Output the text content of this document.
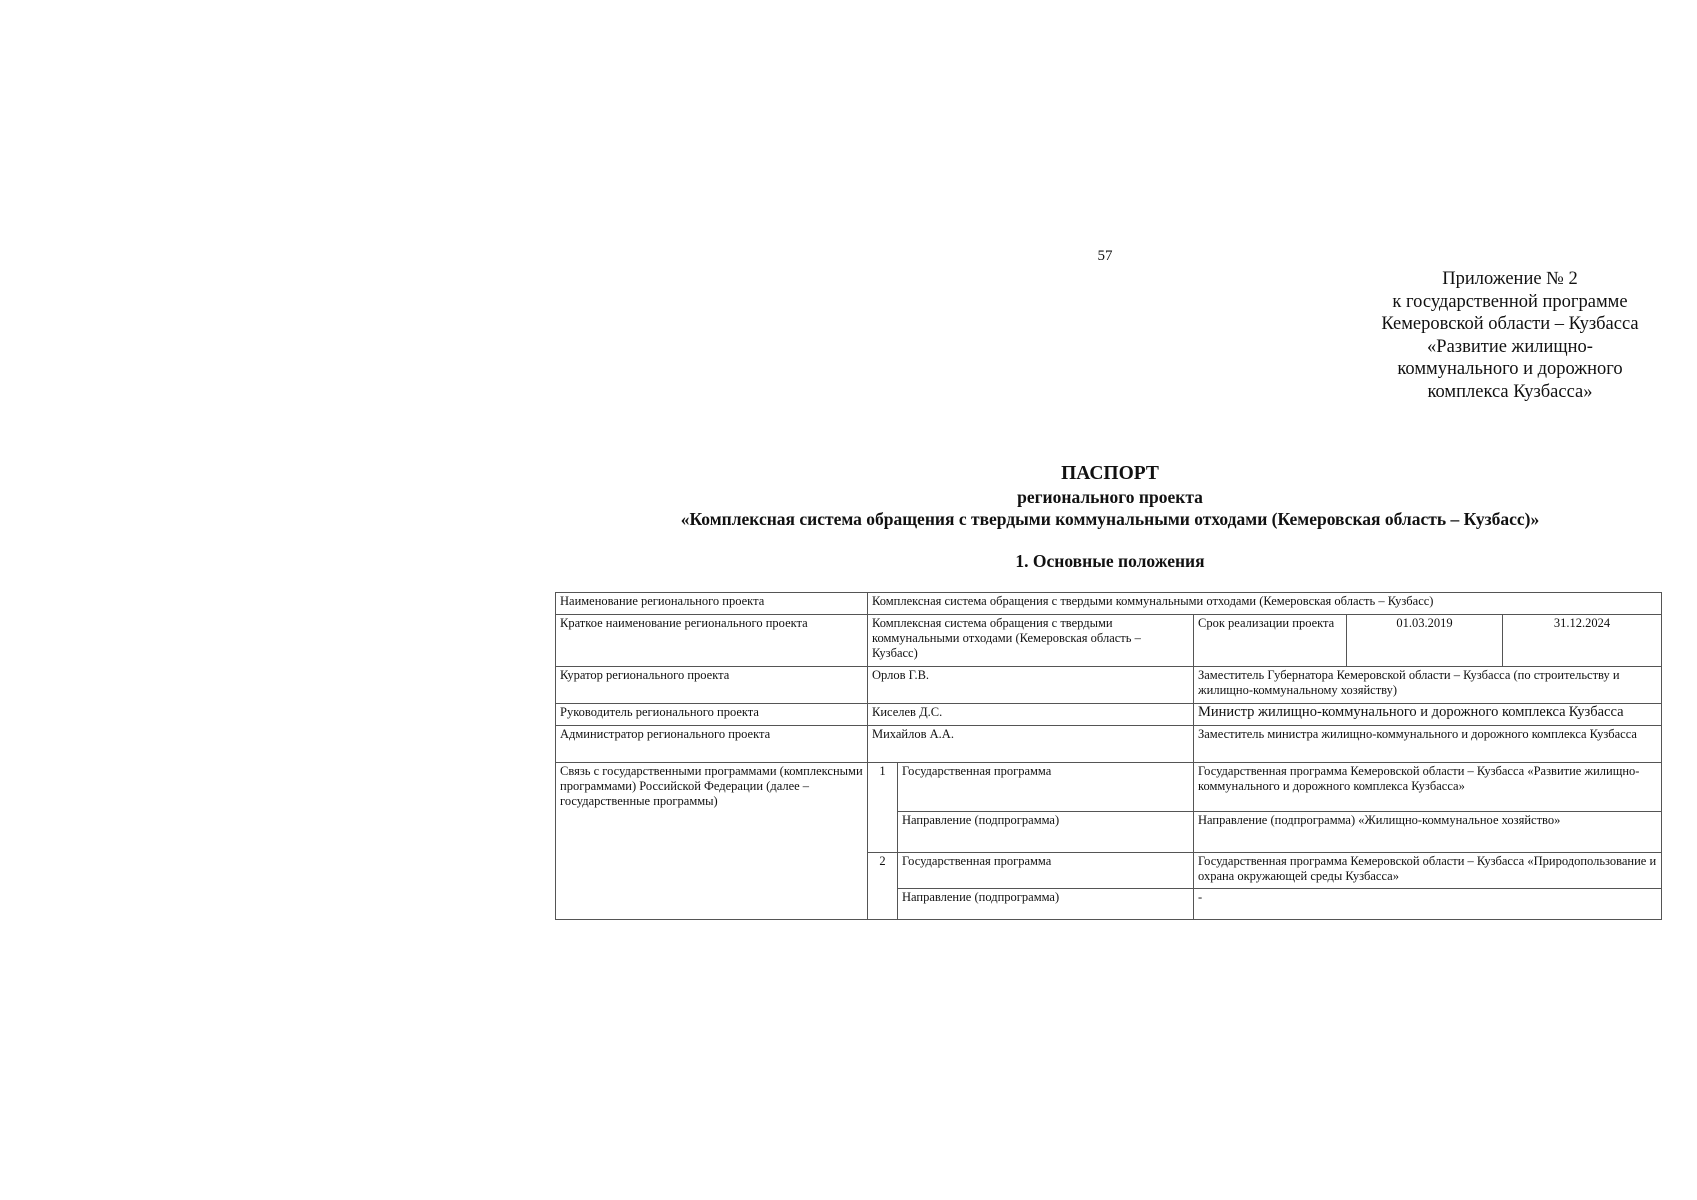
57
Приложение № 2
к государственной программе
Кемеровской области – Кузбасса
«Развитие жилищно-
коммунального и дорожного
комплекса Кузбасса»
ПАСПОРТ
регионального проекта
«Комплексная система обращения с твердыми коммунальными отходами (Кемеровская область – Кузбасс)»
1. Основные положения
Наименование регионального проекта	Комплексная система обращения с твердыми коммунальными отходами (Кемеровская область – Кузбасс)				
Краткое наименование регионального проекта	Комплексная система обращения с твердыми коммунальными отходами (Кемеровская область – Кузбасс)		Срок реализации проекта	01.03.2019	31.12.2024
Куратор регионального проекта	Орлов Г.В.		Заместитель Губернатора Кемеровской области – Кузбасса (по строительству и жилищно-коммунальному хозяйству)		
Руководитель регионального проекта	Киселев Д.С.		Министр жилищно-коммунального и дорожного комплекса Кузбасса		
Администратор регионального проекта	Михайлов А.А.		Заместитель министра жилищно-коммунального и дорожного комплекса Кузбасса		
Связь с государственными программами (комплексными программами) Российской Федерации (далее – государственные программы)	1	Государственная программа	Государственная программа Кемеровской области – Кузбасса «Развитие жилищно-коммунального и дорожного комплекса Кузбасса»		
		Направление (подпрограмма)	Направление (подпрограмма) «Жилищно-коммунальное хозяйство»		
	2	Государственная программа	Государственная программа Кемеровской области – Кузбасса «Природопользование и охрана окружающей среды Кузбасса»		
		Направление (подпрограмма)	-		
